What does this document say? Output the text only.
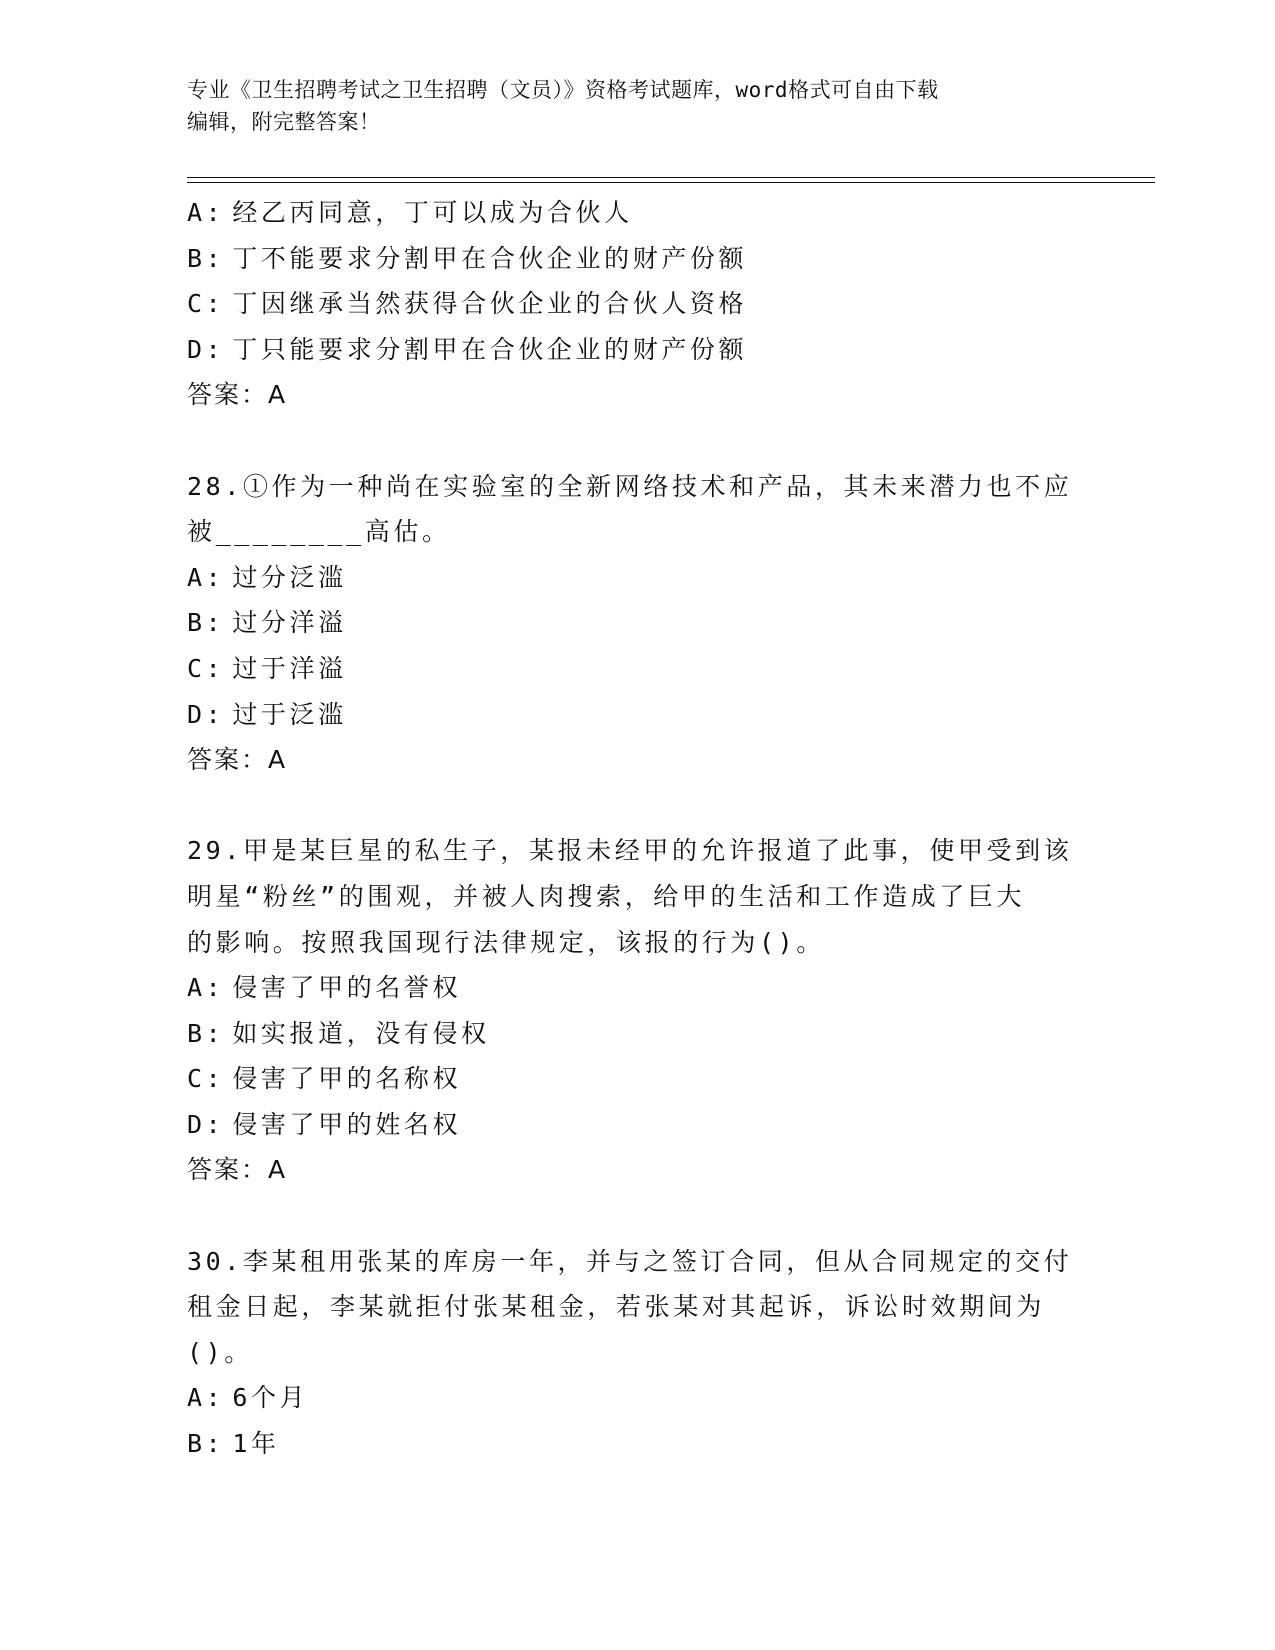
专业《卫生招聘考试之卫生招聘（文员）》资格考试题库，word格式可自由下载
编辑，附完整答案！
A: 经乙丙同意，丁可以成为合伙人
B: 丁不能要求分割甲在合伙企业的财产份额
C: 丁因继承当然获得合伙企业的合伙人资格
D: 丁只能要求分割甲在合伙企业的财产份额
答案：A
28.①作为一种尚在实验室的全新网络技术和产品，其未来潜力也不应
被________高估。
A: 过分泛滥
B: 过分洋溢
C: 过于洋溢
D: 过于泛滥
答案：A
29.甲是某巨星的私生子，某报未经甲的允许报道了此事，使甲受到该
明星“粉丝”的围观，并被人肉搜索，给甲的生活和工作造成了巨大
的影响。按照我国现行法律规定，该报的行为()。
A: 侵害了甲的名誉权
B: 如实报道，没有侵权
C: 侵害了甲的名称权
D: 侵害了甲的姓名权
答案：A
30.李某租用张某的库房一年，并与之签订合同，但从合同规定的交付
租金日起，李某就拒付张某租金，若张某对其起诉，诉讼时效期间为
()。
A: 6个月
B: 1年
